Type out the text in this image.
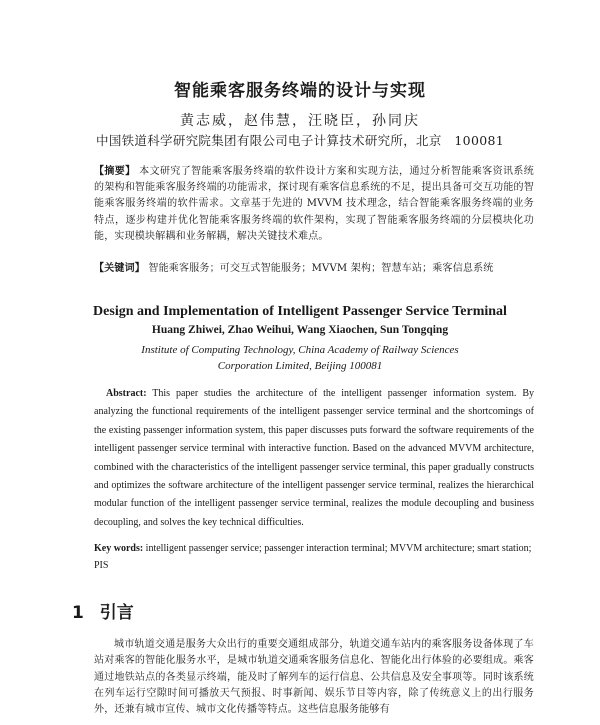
智能乘客服务终端的设计与实现
黄志威，赵伟慧，汪晓臣，孙同庆
中国铁道科学研究院集团有限公司电子计算技术研究所，北京　100081
【摘要】 本文研究了智能乘客服务终端的软件设计方案和实现方法，通过分析智能乘客资讯系统的架构和智能乘客服务终端的功能需求，探讨现有乘客信息系统的不足，提出具备可交互功能的智能乘客服务终端的软件需求。文章基于先进的 MVVM 技术理念，结合智能乘客服务终端的业务特点，逐步构建并优化智能乘客服务终端的软件架构，实现了智能乘客服务终端的分层模块化功能，实现模块解耦和业务解耦，解决关键技术难点。
【关键词】 智能乘客服务；可交互式智能服务；MVVM 架构；智慧车站；乘客信息系统
Design and Implementation of Intelligent Passenger Service Terminal
Huang Zhiwei, Zhao Weihui, Wang Xiaochen, Sun Tongqing
Institute of Computing Technology, China Academy of Railway Sciences
Corporation Limited, Beijing 100081
Abstract: This paper studies the architecture of the intelligent passenger information system. By analyzing the functional requirements of the intelligent passenger service terminal and the shortcomings of the existing passenger information system, this paper discusses puts forward the software requirements of the intelligent passenger service terminal with interactive function. Based on the advanced MVVM architecture, combined with the characteristics of the intelligent passenger service terminal, this paper gradually constructs and optimizes the software architecture of the intelligent passenger service terminal, realizes the hierarchical modular function of the intelligent passenger service terminal, realizes the module decoupling and business decoupling, and solves the key technical difficulties.
Key words: intelligent passenger service; passenger interaction terminal; MVVM architecture; smart station; PIS
1 引言
城市轨道交通是服务大众出行的重要交通组成部分，轨道交通车站内的乘客服务设备体现了车站对乘客的智能化服务水平，是城市轨道交通乘客服务信息化、智能化出行体验的必要组成。乘客通过地铁站点的各类显示终端，能及时了解列车的运行信息、公共信息及安全事项等。同时该系统在列车运行空隙时间可播放天气预报、时事新闻、娱乐节目等内容，除了传统意义上的出行服务外，还兼有城市宣传、城市文化传播等特点。这些信息服务能够有
